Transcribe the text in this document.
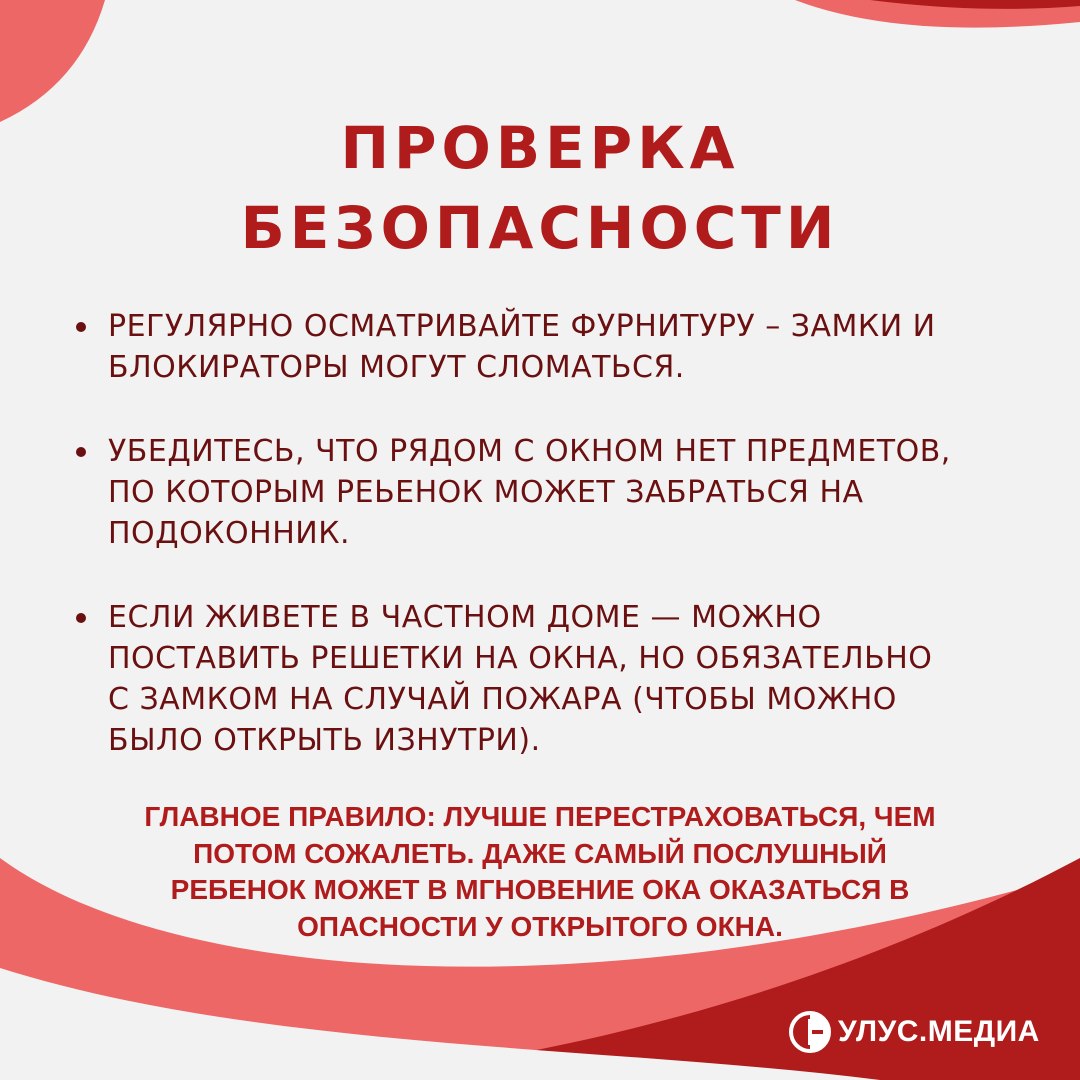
ПРОВЕРКА
БЕЗОПАСНОСТИ
РЕГУЛЯРНО ОСМАТРИВАЙТЕ ФУРНИТУРУ – ЗАМКИ И
БЛОКИРАТОРЫ МОГУТ СЛОМАТЬСЯ.
УБЕДИТЕСЬ, ЧТО РЯДОМ С ОКНОМ НЕТ ПРЕДМЕТОВ,
ПО КОТОРЫМ РЕЬЕНОК МОЖЕТ ЗАБРАТЬСЯ НА
ПОДОКОННИК.
ЕСЛИ ЖИВЕТЕ В ЧАСТНОМ ДОМЕ — МОЖНО
ПОСТАВИТЬ РЕШЕТКИ НА ОКНА, НО ОБЯЗАТЕЛЬНО
С ЗАМКОМ НА СЛУЧАЙ ПОЖАРА (ЧТОБЫ МОЖНО
БЫЛО ОТКРЫТЬ ИЗНУТРИ).
ГЛАВНОЕ ПРАВИЛО: ЛУЧШЕ ПЕРЕСТРАХОВАТЬСЯ, ЧЕМ
ПОТОМ СОЖАЛЕТЬ. ДАЖЕ САМЫЙ ПОСЛУШНЫЙ
РЕБЕНОК МОЖЕТ В МГНОВЕНИЕ ОКА ОКАЗАТЬСЯ В
ОПАСНОСТИ У ОТКРЫТОГО ОКНА.
УЛУС.МЕДИА
